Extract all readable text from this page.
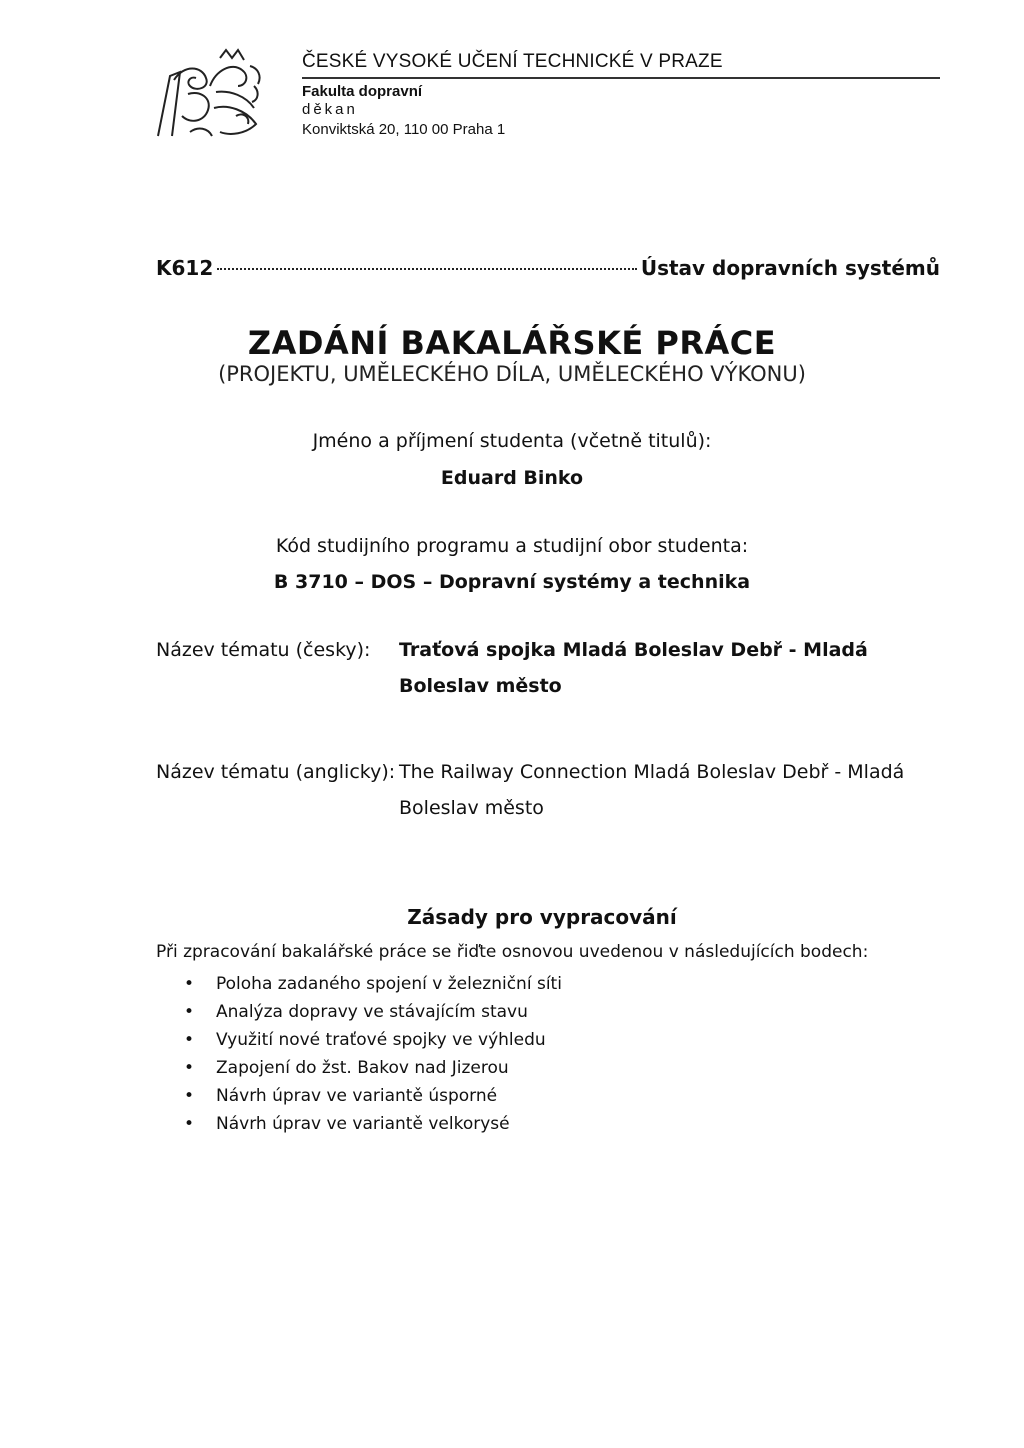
ČESKÉ VYSOKÉ UČENÍ TECHNICKÉ V PRAZE
Fakulta dopravní
děkan
Konviktská 20, 110 00 Praha 1
K612	Ústav dopravních systémů
ZADÁNÍ BAKALÁŘSKÉ PRÁCE
(PROJEKTU, UMĚLECKÉHO DÍLA, UMĚLECKÉHO VÝKONU)
Jméno a příjmení studenta (včetně titulů):
Eduard Binko
Kód studijního programu a studijní obor studenta:
B 3710 – DOS – Dopravní systémy a technika
Název tématu (česky):	Traťová spojka Mladá Boleslav Debř - Mladá
Boleslav město
Název tématu (anglicky): The Railway Connection Mladá Boleslav Debř - Mladá
Boleslav město
Zásady pro vypracování
Při zpracování bakalářské práce se řiďte osnovou uvedenou v následujících bodech:
• Poloha zadaného spojení v železniční síti
• Analýza dopravy ve stávajícím stavu
• Využití nové traťové spojky ve výhledu
• Zapojení do žst. Bakov nad Jizerou
• Návrh úprav ve variantě úsporné
• Návrh úprav ve variantě velkorysé
